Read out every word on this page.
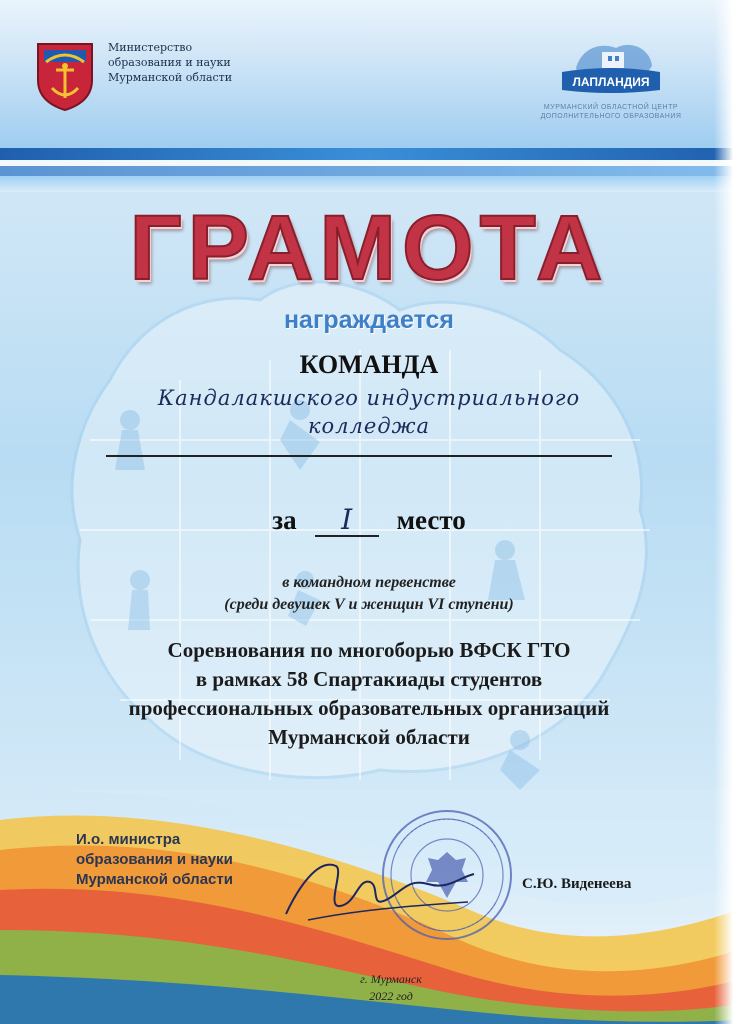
Министерство
образования и науки
Мурманской области	ЛАПЛАНДИЯ
МУРМАНСКИЙ ОБЛАСТНОЙ ЦЕНТР
ДОПОЛНИТЕЛЬНОГО ОБРАЗОВАНИЯ
ГРАМОТА
награждается
КОМАНДА
Кандалакшского индустриального
колледжа
за I место
в командном первенстве
(среди девушек V и женщин VI ступени)
Соревнования по многоборью ВФСК ГТО
в рамках 58 Спартакиады студентов
профессиональных образовательных организаций
Мурманской области
И.о. министра
образования и науки
Мурманской области	С.Ю. Виденеева
г. Мурманск
2022 год
